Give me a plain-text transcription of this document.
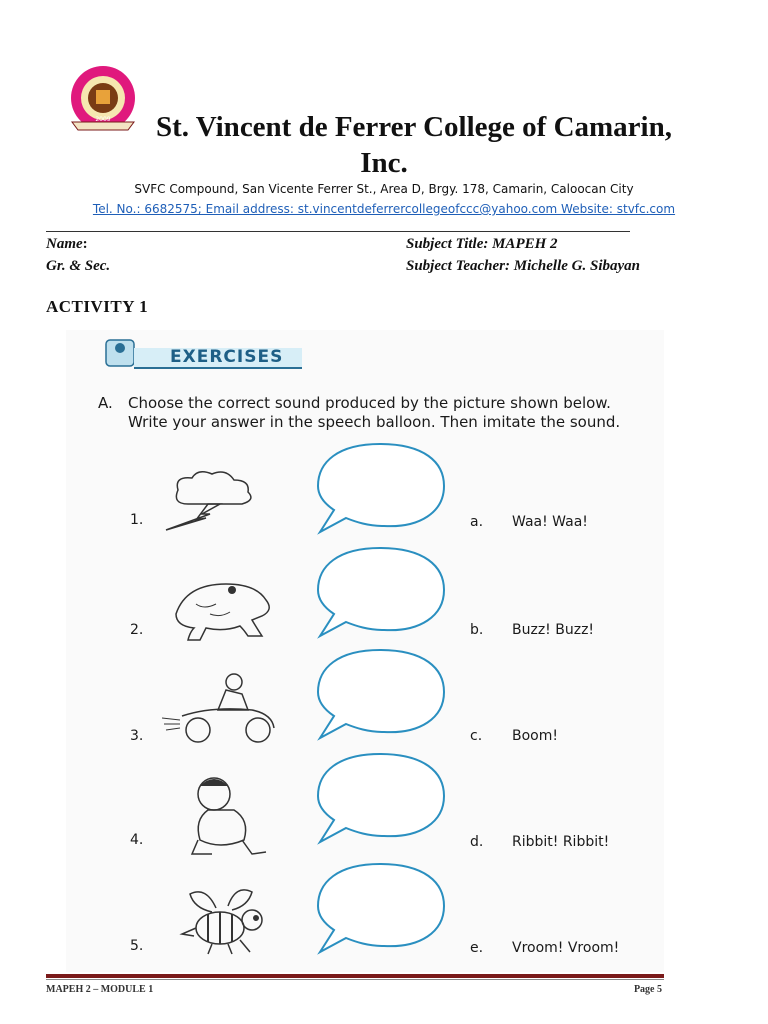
2009	St. Vincent de Ferrer College of Camarin,
Inc.
SVFC Compound, San Vicente Ferrer St., Area D, Brgy. 178, Camarin, Caloocan City
Tel. No.: 6682575; Email address: st.vincentdeferrercollegeofccc@yahoo.com Website: stvfc.com
Name:
Gr. & Sec.
Subject Title: MAPEH 2
Subject Teacher: Michelle G. Sibayan
ACTIVITY 1
EXERCISES
A. Choose the correct sound produced by the picture shown below. Write your answer in the speech balloon. Then imitate the sound.
1.	a. Waa! Waa!
2.	b. Buzz! Buzz!
3.	c. Boom!
4.	d. Ribbit! Ribbit!
5.	e. Vroom! Vroom!
MAPEH 2 – MODULE 1	Page 5
